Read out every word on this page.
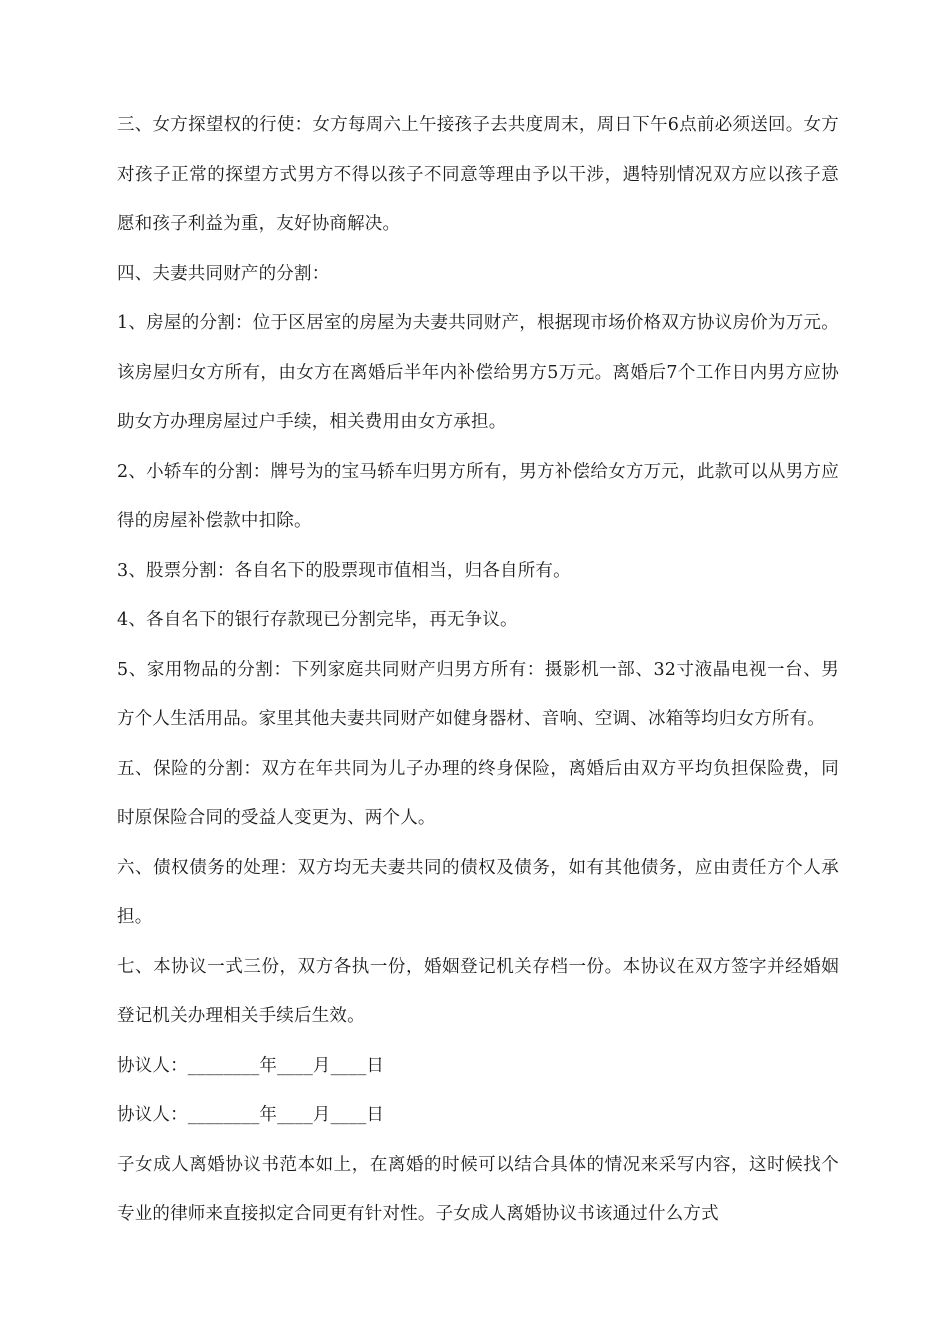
三、女方探望权的行使：女方每周六上午接孩子去共度周末，周日下午6点前必须送回。女方对孩子正常的探望方式男方不得以孩子不同意等理由予以干涉，遇特别情况双方应以孩子意愿和孩子利益为重，友好协商解决。

四、夫妻共同财产的分割：

1、房屋的分割：位于区居室的房屋为夫妻共同财产，根据现市场价格双方协议房价为万元。该房屋归女方所有，由女方在离婚后半年内补偿给男方5万元。离婚后7个工作日内男方应协助女方办理房屋过户手续，相关费用由女方承担。

2、小轿车的分割：牌号为的宝马轿车归男方所有，男方补偿给女方万元，此款可以从男方应得的房屋补偿款中扣除。

3、股票分割：各自名下的股票现市值相当，归各自所有。

4、各自名下的银行存款现已分割完毕，再无争议。

5、家用物品的分割：下列家庭共同财产归男方所有：摄影机一部、32寸液晶电视一台、男方个人生活用品。家里其他夫妻共同财产如健身器材、音响、空调、冰箱等均归女方所有。

五、保险的分割：双方在年共同为儿子办理的终身保险，离婚后由双方平均负担保险费，同时原保险合同的受益人变更为、两个人。

六、债权债务的处理：双方均无夫妻共同的债权及债务，如有其他债务，应由责任方个人承担。

七、本协议一式三份，双方各执一份，婚姻登记机关存档一份。本协议在双方签字并经婚姻登记机关办理相关手续后生效。

协议人：________年____月____日

协议人：________年____月____日

子女成人离婚协议书范本如上，在离婚的时候可以结合具体的情况来采写内容，这时候找个专业的律师来直接拟定合同更有针对性。子女成人离婚协议书该通过什么方式
